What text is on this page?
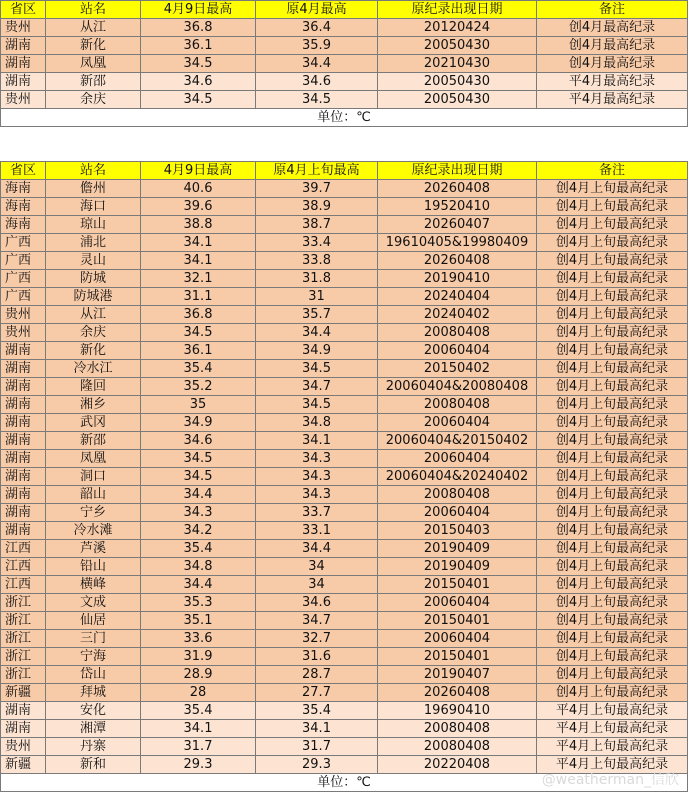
省区	站名	4月9日最高	原4月最高	原纪录出现日期	备注
贵州	从江	36.8	36.4	20120424	创4月最高纪录
湖南	新化	36.1	35.9	20050430	创4月最高纪录
湖南	凤凰	34.5	34.4	20210430	创4月最高纪录
湖南	新邵	34.6	34.6	20050430	平4月最高纪录
贵州	余庆	34.5	34.5	20050430	平4月最高纪录
单位：℃					

省区	站名	4月9日最高	原4月上旬最高	原纪录出现日期	备注
海南	儋州	40.6	39.7	20260408	创4月上旬最高纪录
海南	海口	39.6	38.9	19520410	创4月上旬最高纪录
海南	琼山	38.8	38.7	20260407	创4月上旬最高纪录
广西	浦北	34.1	33.4	19610405&19980409	创4月上旬最高纪录
广西	灵山	34.1	33.8	20260408	创4月上旬最高纪录
广西	防城	32.1	31.8	20190410	创4月上旬最高纪录
广西	防城港	31.1	31	20240404	创4月上旬最高纪录
贵州	从江	36.8	35.7	20240402	创4月上旬最高纪录
贵州	余庆	34.5	34.4	20080408	创4月上旬最高纪录
湖南	新化	36.1	34.9	20060404	创4月上旬最高纪录
湖南	冷水江	35.4	34.5	20150402	创4月上旬最高纪录
湖南	隆回	35.2	34.7	20060404&20080408	创4月上旬最高纪录
湖南	湘乡	35	34.5	20080408	创4月上旬最高纪录
湖南	武冈	34.9	34.8	20060404	创4月上旬最高纪录
湖南	新邵	34.6	34.1	20060404&20150402	创4月上旬最高纪录
湖南	凤凰	34.5	34.3	20060404	创4月上旬最高纪录
湖南	洞口	34.5	34.3	20060404&20240402	创4月上旬最高纪录
湖南	韶山	34.4	34.3	20080408	创4月上旬最高纪录
湖南	宁乡	34.3	33.7	20060404	创4月上旬最高纪录
湖南	冷水滩	34.2	33.1	20150403	创4月上旬最高纪录
江西	芦溪	35.4	34.4	20190409	创4月上旬最高纪录
江西	铅山	34.8	34	20190409	创4月上旬最高纪录
江西	横峰	34.4	34	20150401	创4月上旬最高纪录
浙江	文成	35.3	34.6	20060404	创4月上旬最高纪录
浙江	仙居	35.1	34.7	20150401	创4月上旬最高纪录
浙江	三门	33.6	32.7	20060404	创4月上旬最高纪录
浙江	宁海	31.9	31.6	20150401	创4月上旬最高纪录
浙江	岱山	28.9	28.7	20190407	创4月上旬最高纪录
新疆	拜城	28	27.7	20260408	创4月上旬最高纪录
湖南	安化	35.4	35.4	19690410	平4月上旬最高纪录
湖南	湘潭	34.1	34.1	20080408	平4月上旬最高纪录
贵州	丹寨	31.7	31.7	20080408	平4月上旬最高纪录
新疆	新和	29.3	29.3	20220408	平4月上旬最高纪录
单位：℃						@weatherman_信欣
